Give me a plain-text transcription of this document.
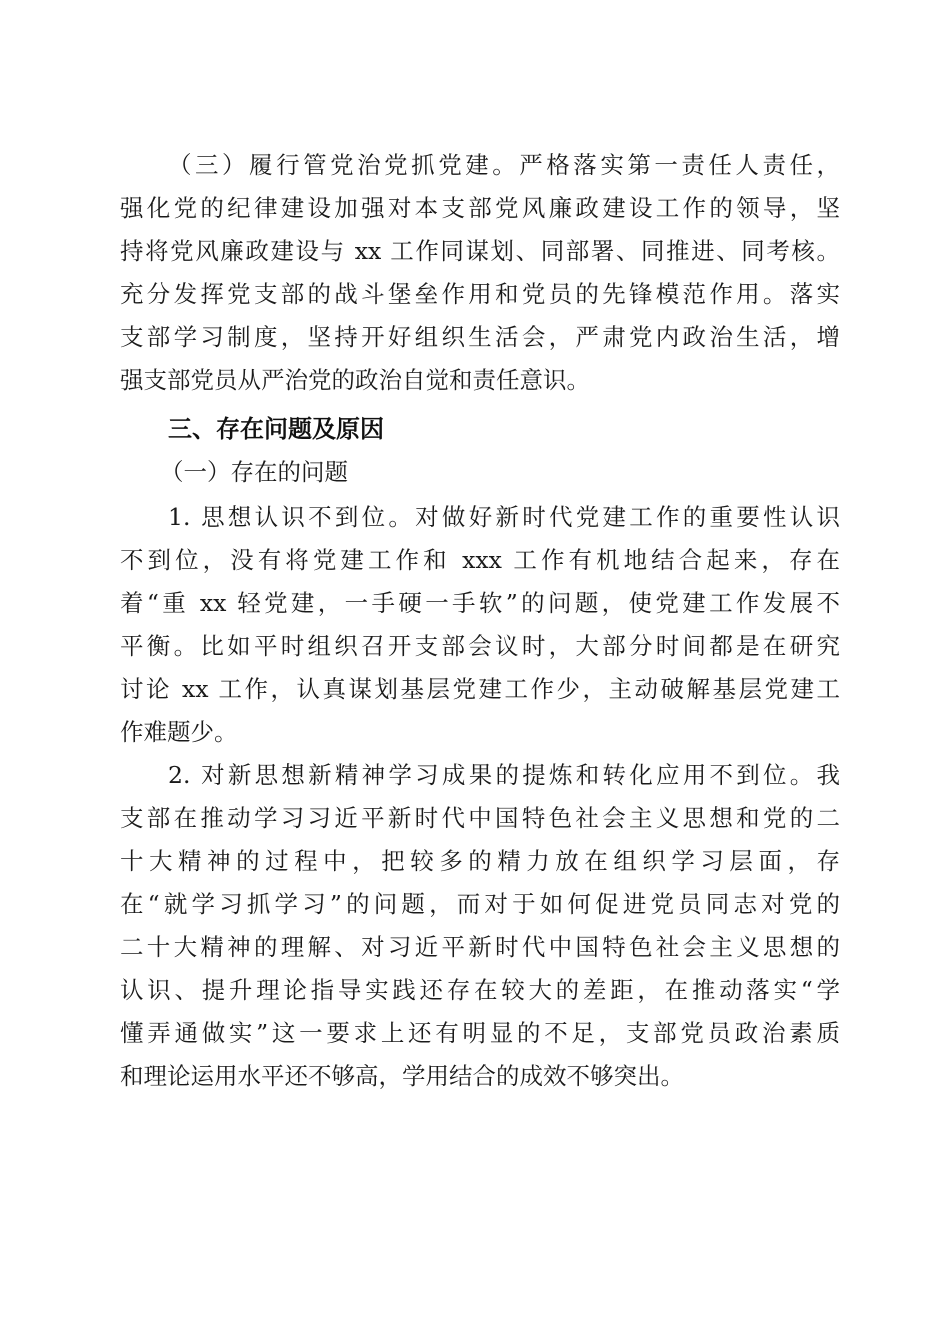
（三）履行管党治党抓党建。严格落实第一责任人责任，
强化党的纪律建设加强对本支部党风廉政建设工作的领导，坚
持将党风廉政建设与 xx 工作同谋划、同部署、同推进、同考核。
充分发挥党支部的战斗堡垒作用和党员的先锋模范作用。落实
支部学习制度，坚持开好组织生活会，严肃党内政治生活，增
强支部党员从严治党的政治自觉和责任意识。
三、存在问题及原因
（一）存在的问题
1. 思想认识不到位。对做好新时代党建工作的重要性认识
不到位，没有将党建工作和 xxx 工作有机地结合起来，存在
着“重 xx 轻党建，一手硬一手软”的问题，使党建工作发展不
平衡。比如平时组织召开支部会议时，大部分时间都是在研究
讨论 xx 工作，认真谋划基层党建工作少，主动破解基层党建工
作难题少。
2. 对新思想新精神学习成果的提炼和转化应用不到位。我
支部在推动学习习近平新时代中国特色社会主义思想和党的二
十大精神的过程中，把较多的精力放在组织学习层面，存
在“就学习抓学习”的问题，而对于如何促进党员同志对党的
二十大精神的理解、对习近平新时代中国特色社会主义思想的
认识、提升理论指导实践还存在较大的差距，在推动落实“学
懂弄通做实”这一要求上还有明显的不足，支部党员政治素质
和理论运用水平还不够高，学用结合的成效不够突出。
